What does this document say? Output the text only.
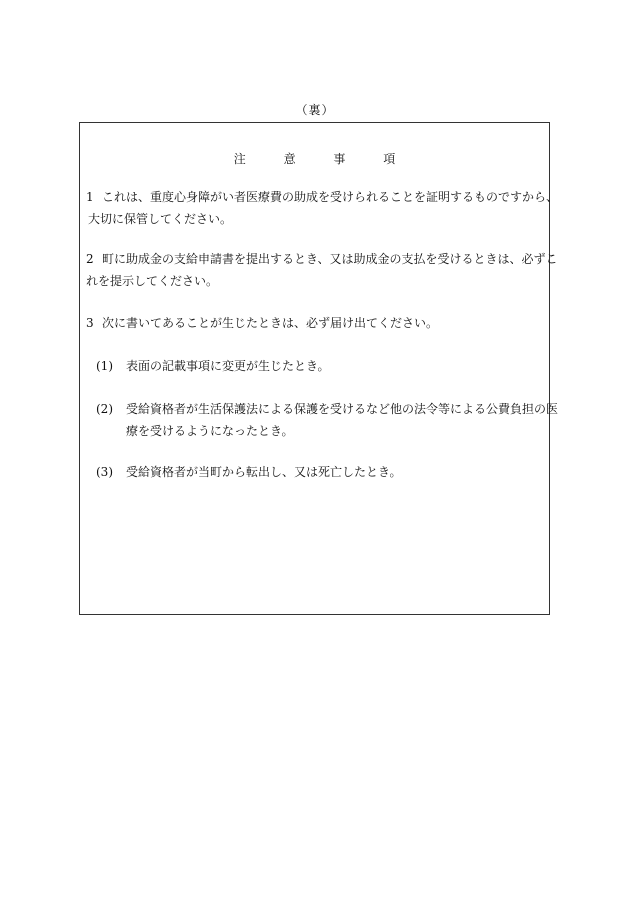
（裏）
注	意	事	項
1 これは、重度心身障がい者医療費の助成を受けられることを証明するものですから、
大切に保管してください。
2 町に助成金の支給申請書を提出するとき、又は助成金の支払を受けるときは、必ずこ
れを提示してください。
3 次に書いてあることが生じたときは、必ず届け出てください。
(1) 表面の記載事項に変更が生じたとき。
(2) 受給資格者が生活保護法による保護を受けるなど他の法令等による公費負担の医
療を受けるようになったとき。
(3) 受給資格者が当町から転出し、又は死亡したとき。
